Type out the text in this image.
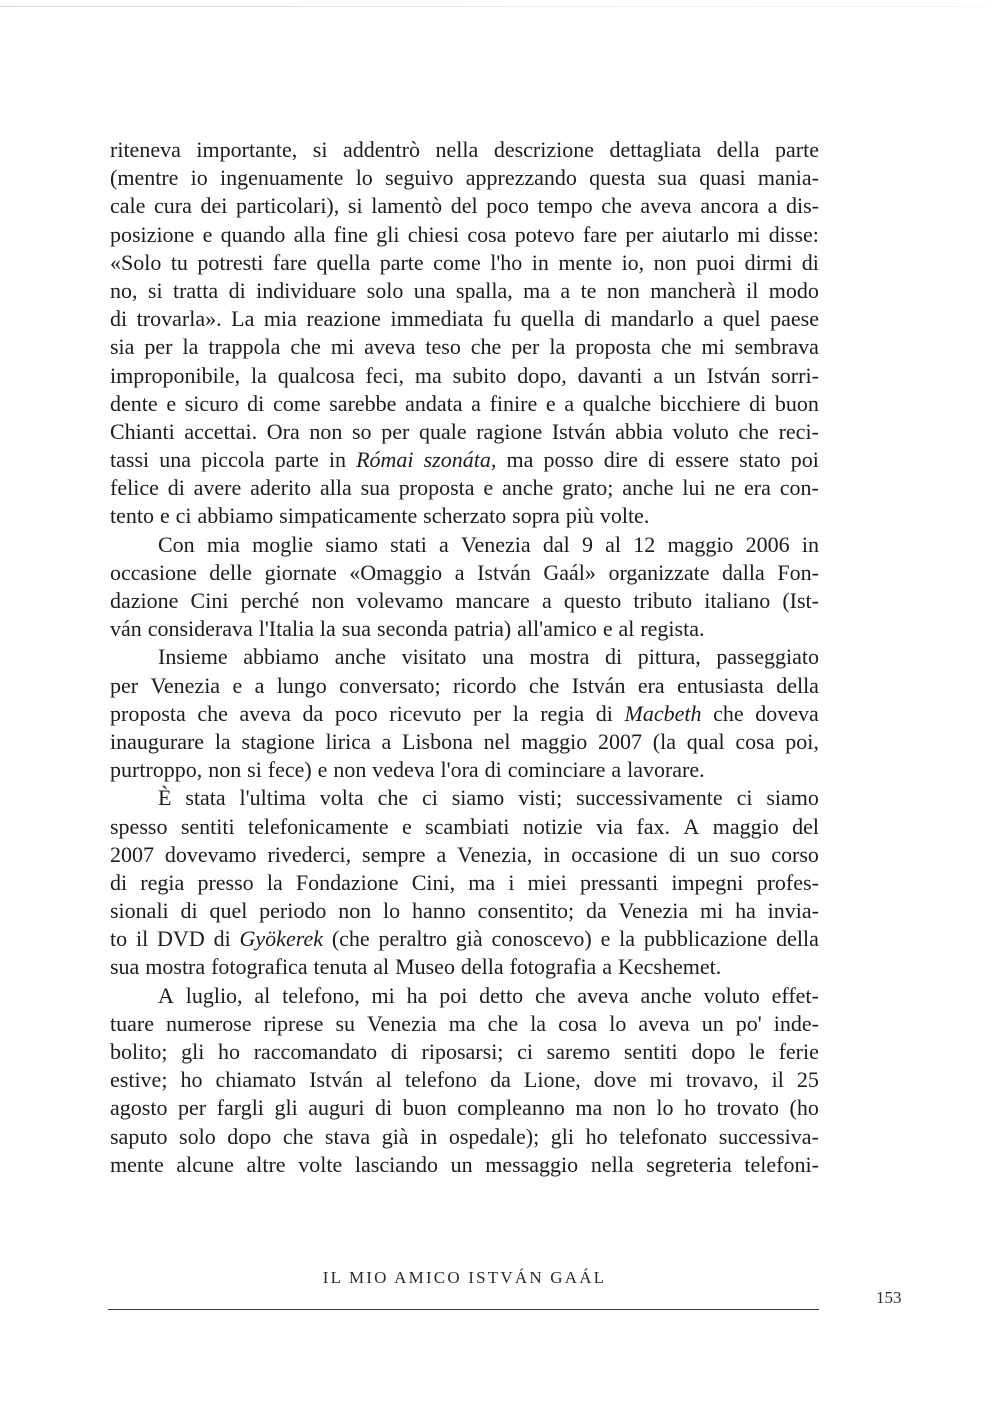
riteneva importante, si addentrò nella descrizione dettagliata della parte
(mentre io ingenuamente lo seguivo apprezzando questa sua quasi mania-
cale cura dei particolari), si lamentò del poco tempo che aveva ancora a dis-
posizione e quando alla fine gli chiesi cosa potevo fare per aiutarlo mi disse:
«Solo tu potresti fare quella parte come l'ho in mente io, non puoi dirmi di
no, si tratta di individuare solo una spalla, ma a te non mancherà il modo
di trovarla». La mia reazione immediata fu quella di mandarlo a quel paese
sia per la trappola che mi aveva teso che per la proposta che mi sembrava
improponibile, la qualcosa feci, ma subito dopo, davanti a un István sorri-
dente e sicuro di come sarebbe andata a finire e a qualche bicchiere di buon
Chianti accettai. Ora non so per quale ragione István abbia voluto che reci-
tassi una piccola parte in Római szonáta, ma posso dire di essere stato poi
felice di avere aderito alla sua proposta e anche grato; anche lui ne era con-
tento e ci abbiamo simpaticamente scherzato sopra più volte.
Con mia moglie siamo stati a Venezia dal 9 al 12 maggio 2006 in
occasione delle giornate «Omaggio a István Gaál» organizzate dalla Fon-
dazione Cini perché non volevamo mancare a questo tributo italiano (Ist-
ván considerava l'Italia la sua seconda patria) all'amico e al regista.
Insieme abbiamo anche visitato una mostra di pittura, passeggiato
per Venezia e a lungo conversato; ricordo che István era entusiasta della
proposta che aveva da poco ricevuto per la regia di Macbeth che doveva
inaugurare la stagione lirica a Lisbona nel maggio 2007 (la qual cosa poi,
purtroppo, non si fece) e non vedeva l'ora di cominciare a lavorare.
È stata l'ultima volta che ci siamo visti; successivamente ci siamo
spesso sentiti telefonicamente e scambiati notizie via fax. A maggio del
2007 dovevamo rivederci, sempre a Venezia, in occasione di un suo corso
di regia presso la Fondazione Cini, ma i miei pressanti impegni profes-
sionali di quel periodo non lo hanno consentito; da Venezia mi ha invia-
to il DVD di Gyökerek (che peraltro già conoscevo) e la pubblicazione della
sua mostra fotografica tenuta al Museo della fotografia a Kecshemet.
A luglio, al telefono, mi ha poi detto che aveva anche voluto effet-
tuare numerose riprese su Venezia ma che la cosa lo aveva un po' inde-
bolito; gli ho raccomandato di riposarsi; ci saremo sentiti dopo le ferie
estive; ho chiamato István al telefono da Lione, dove mi trovavo, il 25
agosto per fargli gli auguri di buon compleanno ma non lo ho trovato (ho
saputo solo dopo che stava già in ospedale); gli ho telefonato successiva-
mente alcune altre volte lasciando un messaggio nella segreteria telefoni-
IL MIO AMICO ISTVÁN GAÁL
153
